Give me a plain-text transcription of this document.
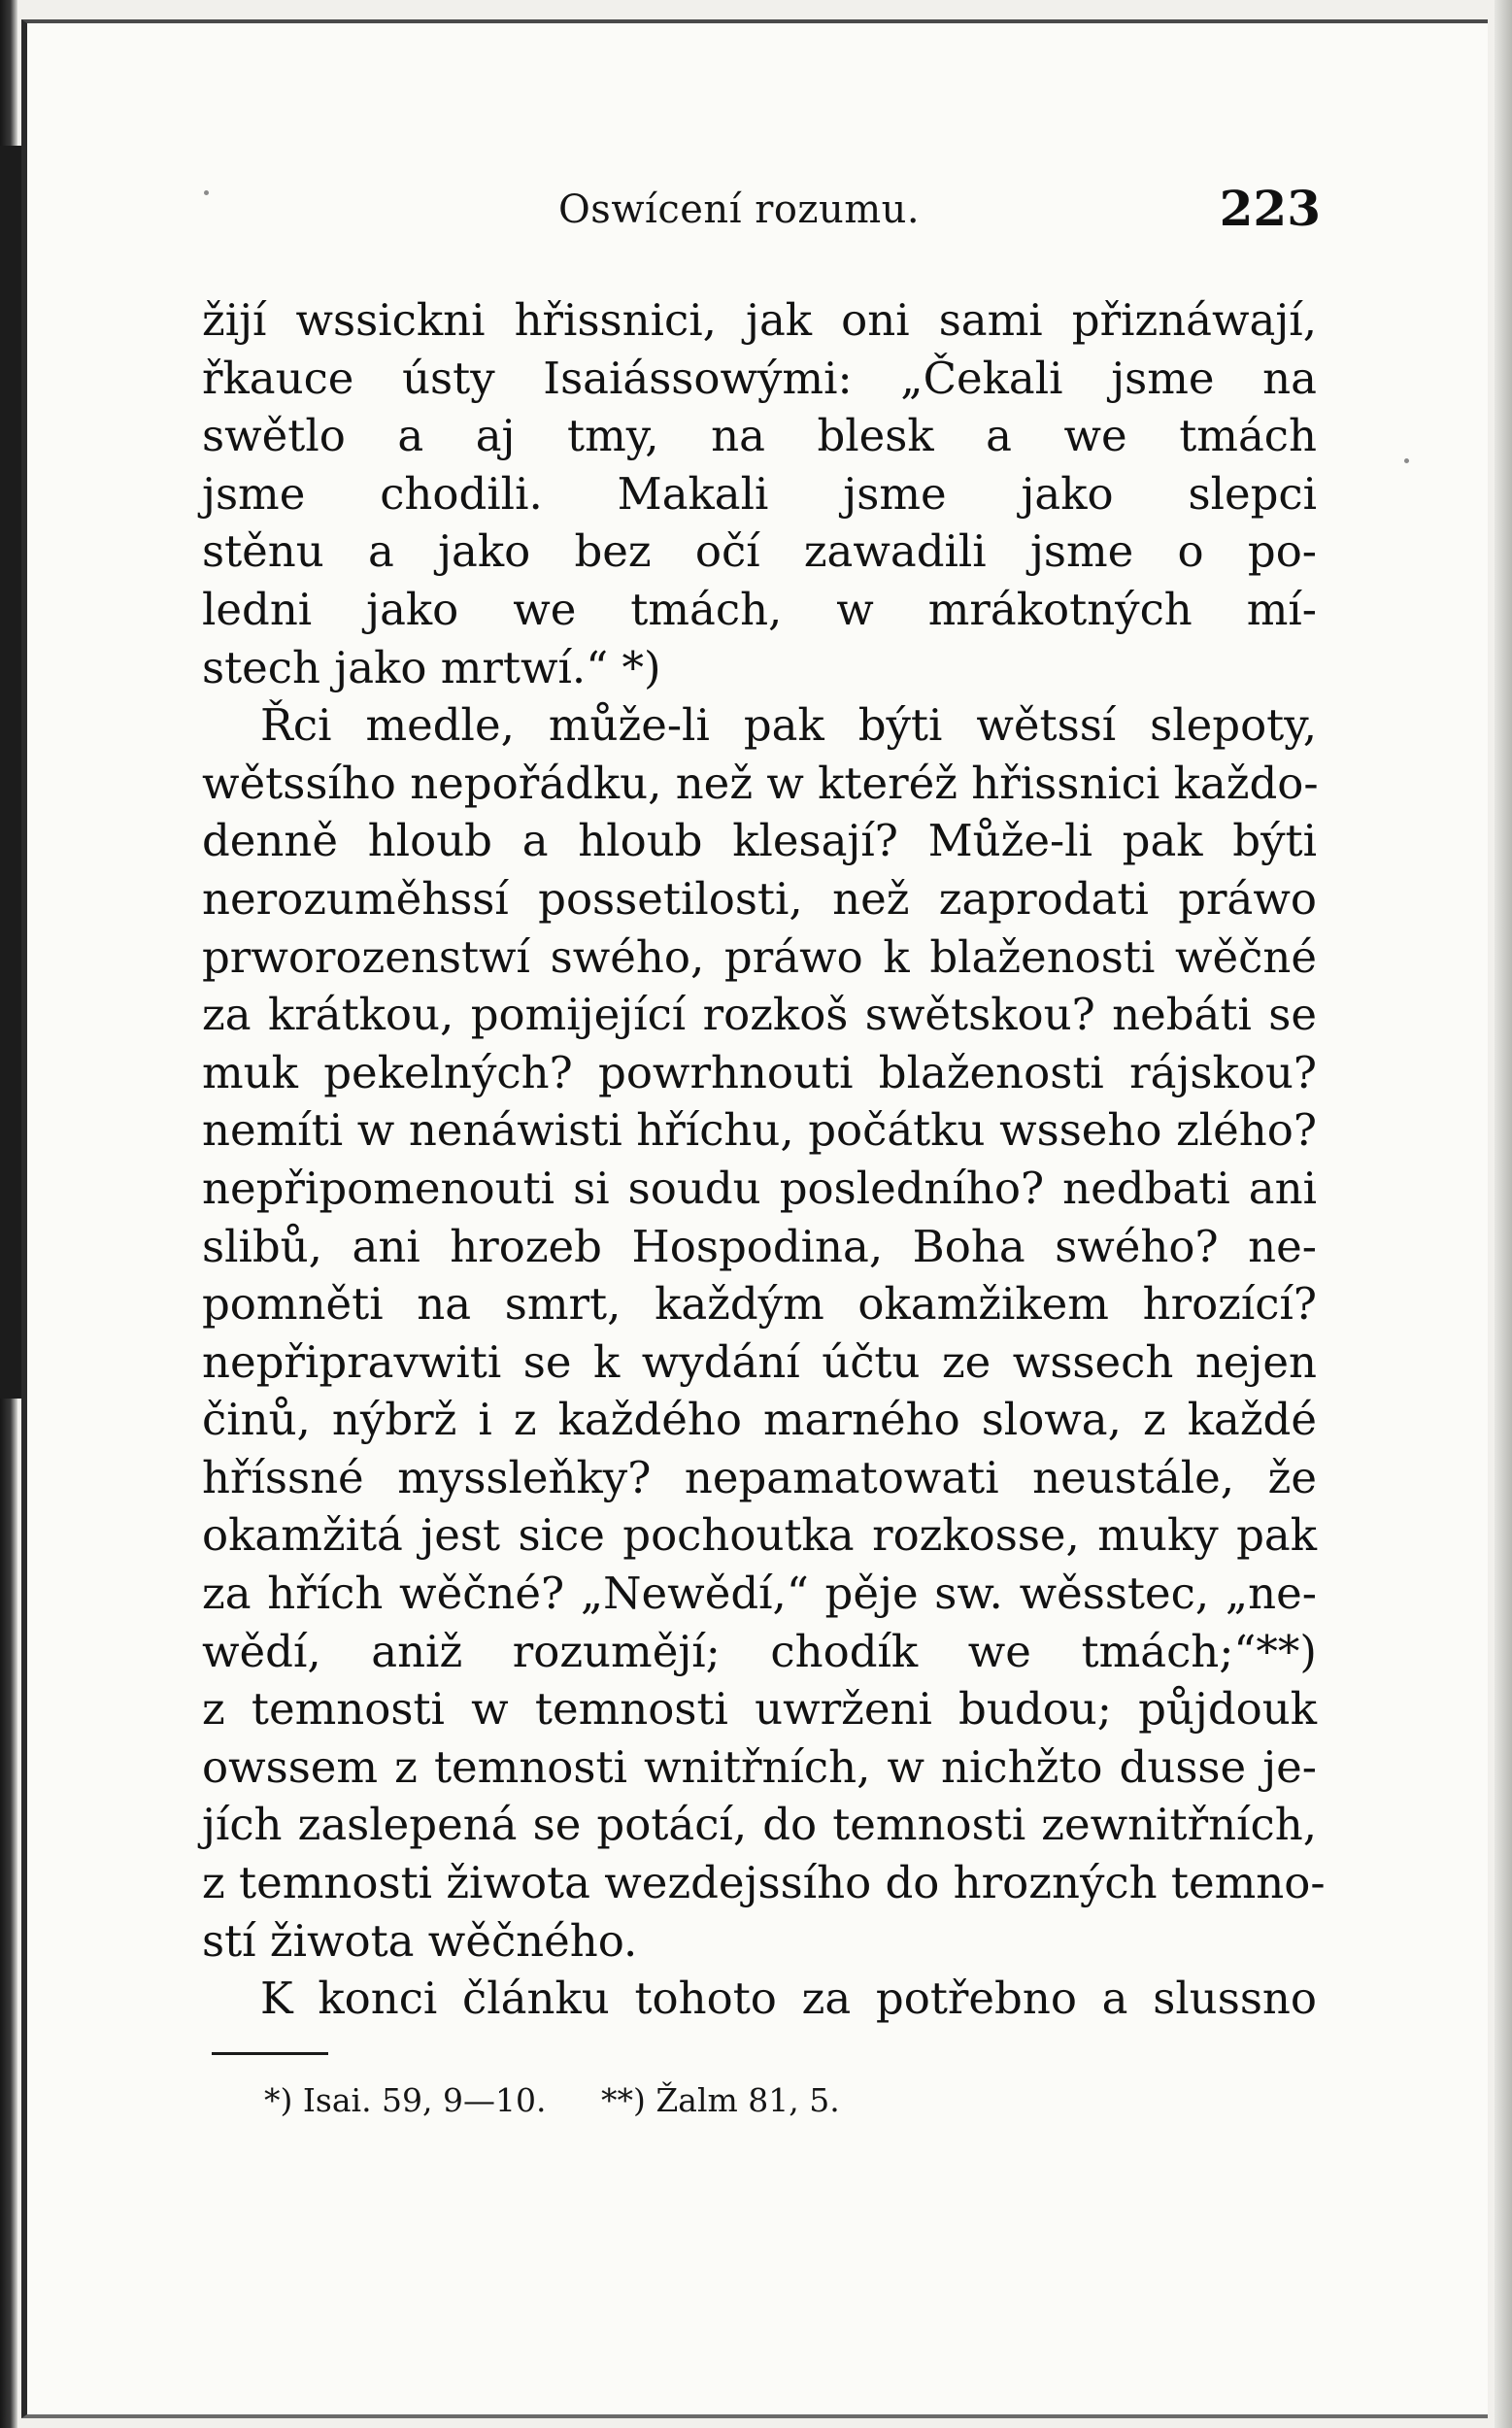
Oswícení rozumu.	223
žijí wssickni hřissnici, jak oni sami přiznáwají,
řkauce ústy Isaiássowými: „Čekali jsme na
swětlo a aj tmy, na blesk a we tmách
jsme chodili. Makali jsme jako slepci
stěnu a jako bez očí zawadili jsme o po-
ledni jako we tmách, w mrákotných mí-
stech jako mrtwí.“ *)
Řci medle, může-li pak býti wětssí slepoty,
wětssího nepořádku, než w kteréž hřissnici každo-
denně hloub a hloub klesají? Může-li pak býti
nerozuměhssí possetilosti, než zaprodati práwo
prworozenstwí swého, práwo k blaženosti wěčné
za krátkou, pomijející rozkoš swětskou? nebáti se
muk pekelných? powrhnouti blaženosti rájskou?
nemíti w nenáwisti hříchu, počátku wsseho zlého?
nepřipomenouti si soudu posledního? nedbati ani
slibů, ani hrozeb Hospodina, Boha swého? ne-
pomněti na smrt, každým okamžikem hrozící?
nepřipravwiti se k wydání účtu ze wssech nejen
činů, nýbrž i z každého marného slowa, z každé
hříssné myssleňky? nepamatowati neustále, že
okamžitá jest sice pochoutka rozkosse, muky pak
za hřích wěčné? „Newědí,“ pěje sw. wěsstec, „ne-
wědí, aniž rozumějí; chodík we tmách;“**)
z temnosti w temnosti uwrženi budou; půjdouk
owssem z temnosti wnitřních, w nichžto dusse je-
jích zaslepená se potácí, do temnosti zewnitřních,
z temnosti žiwota wezdejssího do hrozných temno-
stí žiwota wěčného.
K konci článku tohoto za potřebno a slussno
*) Isai. 59, 9—10. **) Žalm 81, 5.
